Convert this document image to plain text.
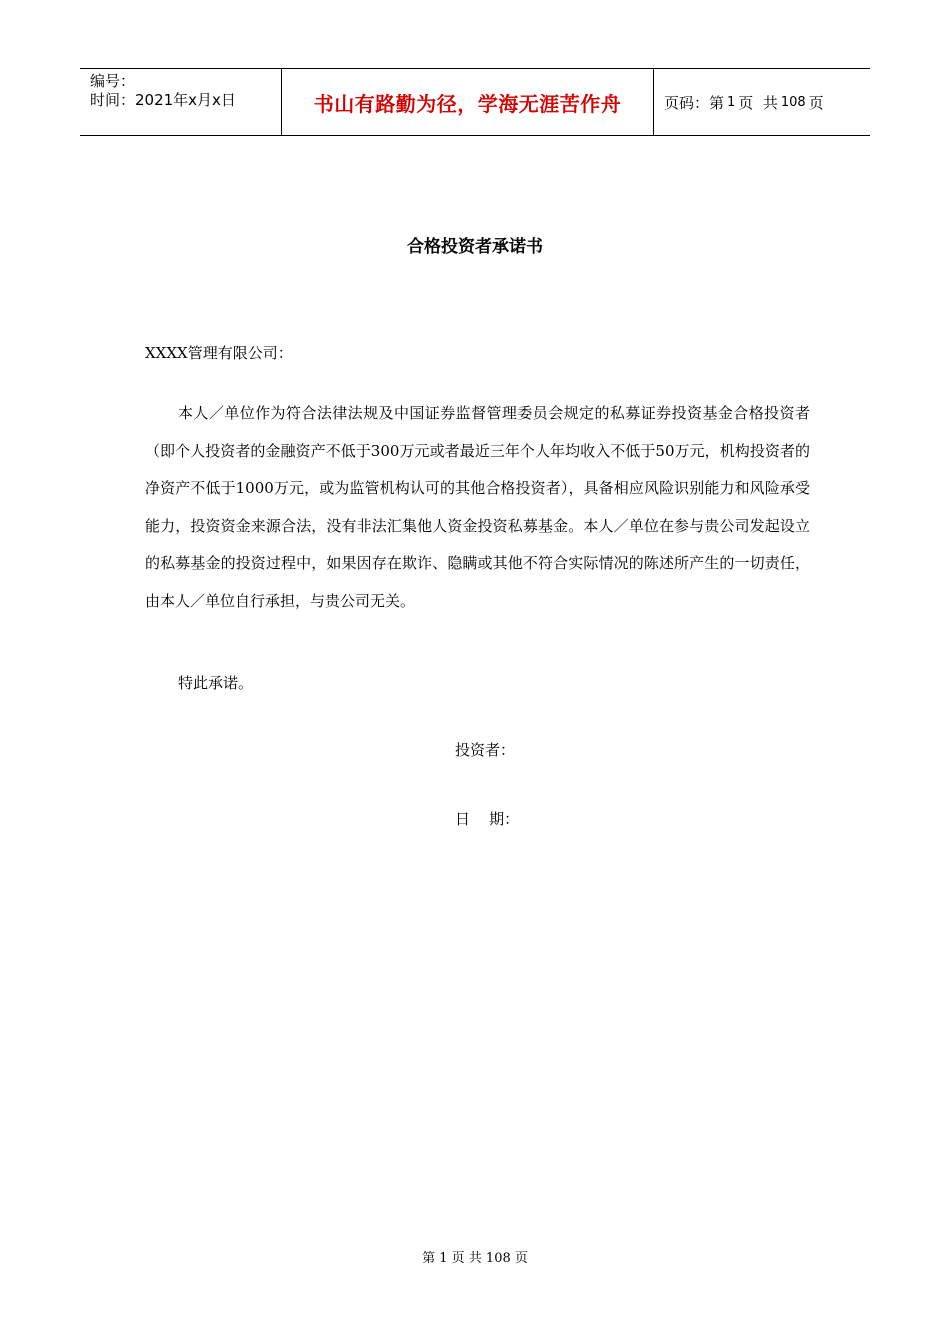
编号：
时间：2021年x月x日	书山有路勤为径，学海无涯苦作舟	页码：第 1 页  共 108 页
合格投资者承诺书
XXXX管理有限公司：
本人／单位作为符合法律法规及中国证券监督管理委员会规定的私募证券投资基金合格投资者（即个人投资者的金融资产不低于300万元或者最近三年个人年均收入不低于50万元，机构投资者的净资产不低于1000万元，或为监管机构认可的其他合格投资者），具备相应风险识别能力和风险承受能力，投资资金来源合法，没有非法汇集他人资金投资私募基金。本人／单位在参与贵公司发起设立的私募基金的投资过程中，如果因存在欺诈、隐瞒或其他不符合实际情况的陈述所产生的一切责任，由本人／单位自行承担，与贵公司无关。
特此承诺。
投资者：
日    期：
第 1 页 共 108 页
